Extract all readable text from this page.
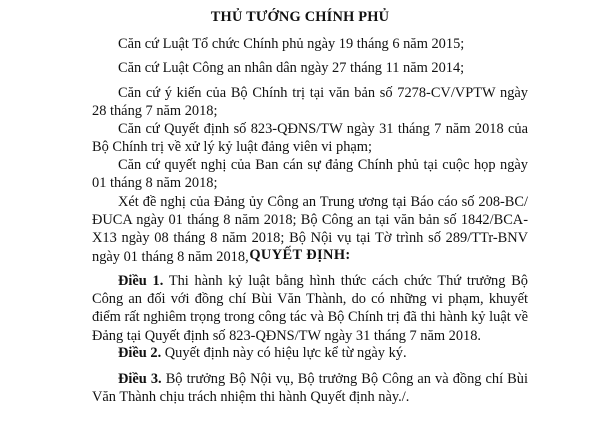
THỦ TƯỚNG CHÍNH PHỦ
Căn cứ Luật Tổ chức Chính phủ ngày 19 tháng 6 năm 2015;
Căn cứ Luật Công an nhân dân ngày 27 tháng 11 năm 2014;
Căn cứ ý kiến của Bộ Chính trị tại văn bản số 7278-CV/VPTW ngày 28 tháng 7 năm 2018;
Căn cứ Quyết định số 823-QĐNS/TW ngày 31 tháng 7 năm 2018 của Bộ Chính trị về xử lý kỷ luật đảng viên vi phạm;
Căn cứ quyết nghị của Ban cán sự đảng Chính phủ tại cuộc họp ngày 01 tháng 8 năm 2018;
Xét đề nghị của Đảng ủy Công an Trung ương tại Báo cáo số 208-BC/ĐUCA ngày 01 tháng 8 năm 2018; Bộ Công an tại văn bản số 1842/BCA-X13 ngày 08 tháng 8 năm 2018; Bộ Nội vụ tại Tờ trình số 289/TTr-BNV ngày 01 tháng 8 năm 2018, QUYẾT ĐỊNH:
Điều 1. Thi hành kỷ luật bằng hình thức cách chức Thứ trưởng Bộ Công an đối với đồng chí Bùi Văn Thành, do có những vi phạm, khuyết điểm rất nghiêm trọng trong công tác và Bộ Chính trị đã thi hành kỷ luật về Đảng tại Quyết định số 823-QĐNS/TW ngày 31 tháng 7 năm 2018.
Điều 2. Quyết định này có hiệu lực kể từ ngày ký.
Điều 3. Bộ trưởng Bộ Nội vụ, Bộ trưởng Bộ Công an và đồng chí Bùi Văn Thành chịu trách nhiệm thi hành Quyết định này./.
